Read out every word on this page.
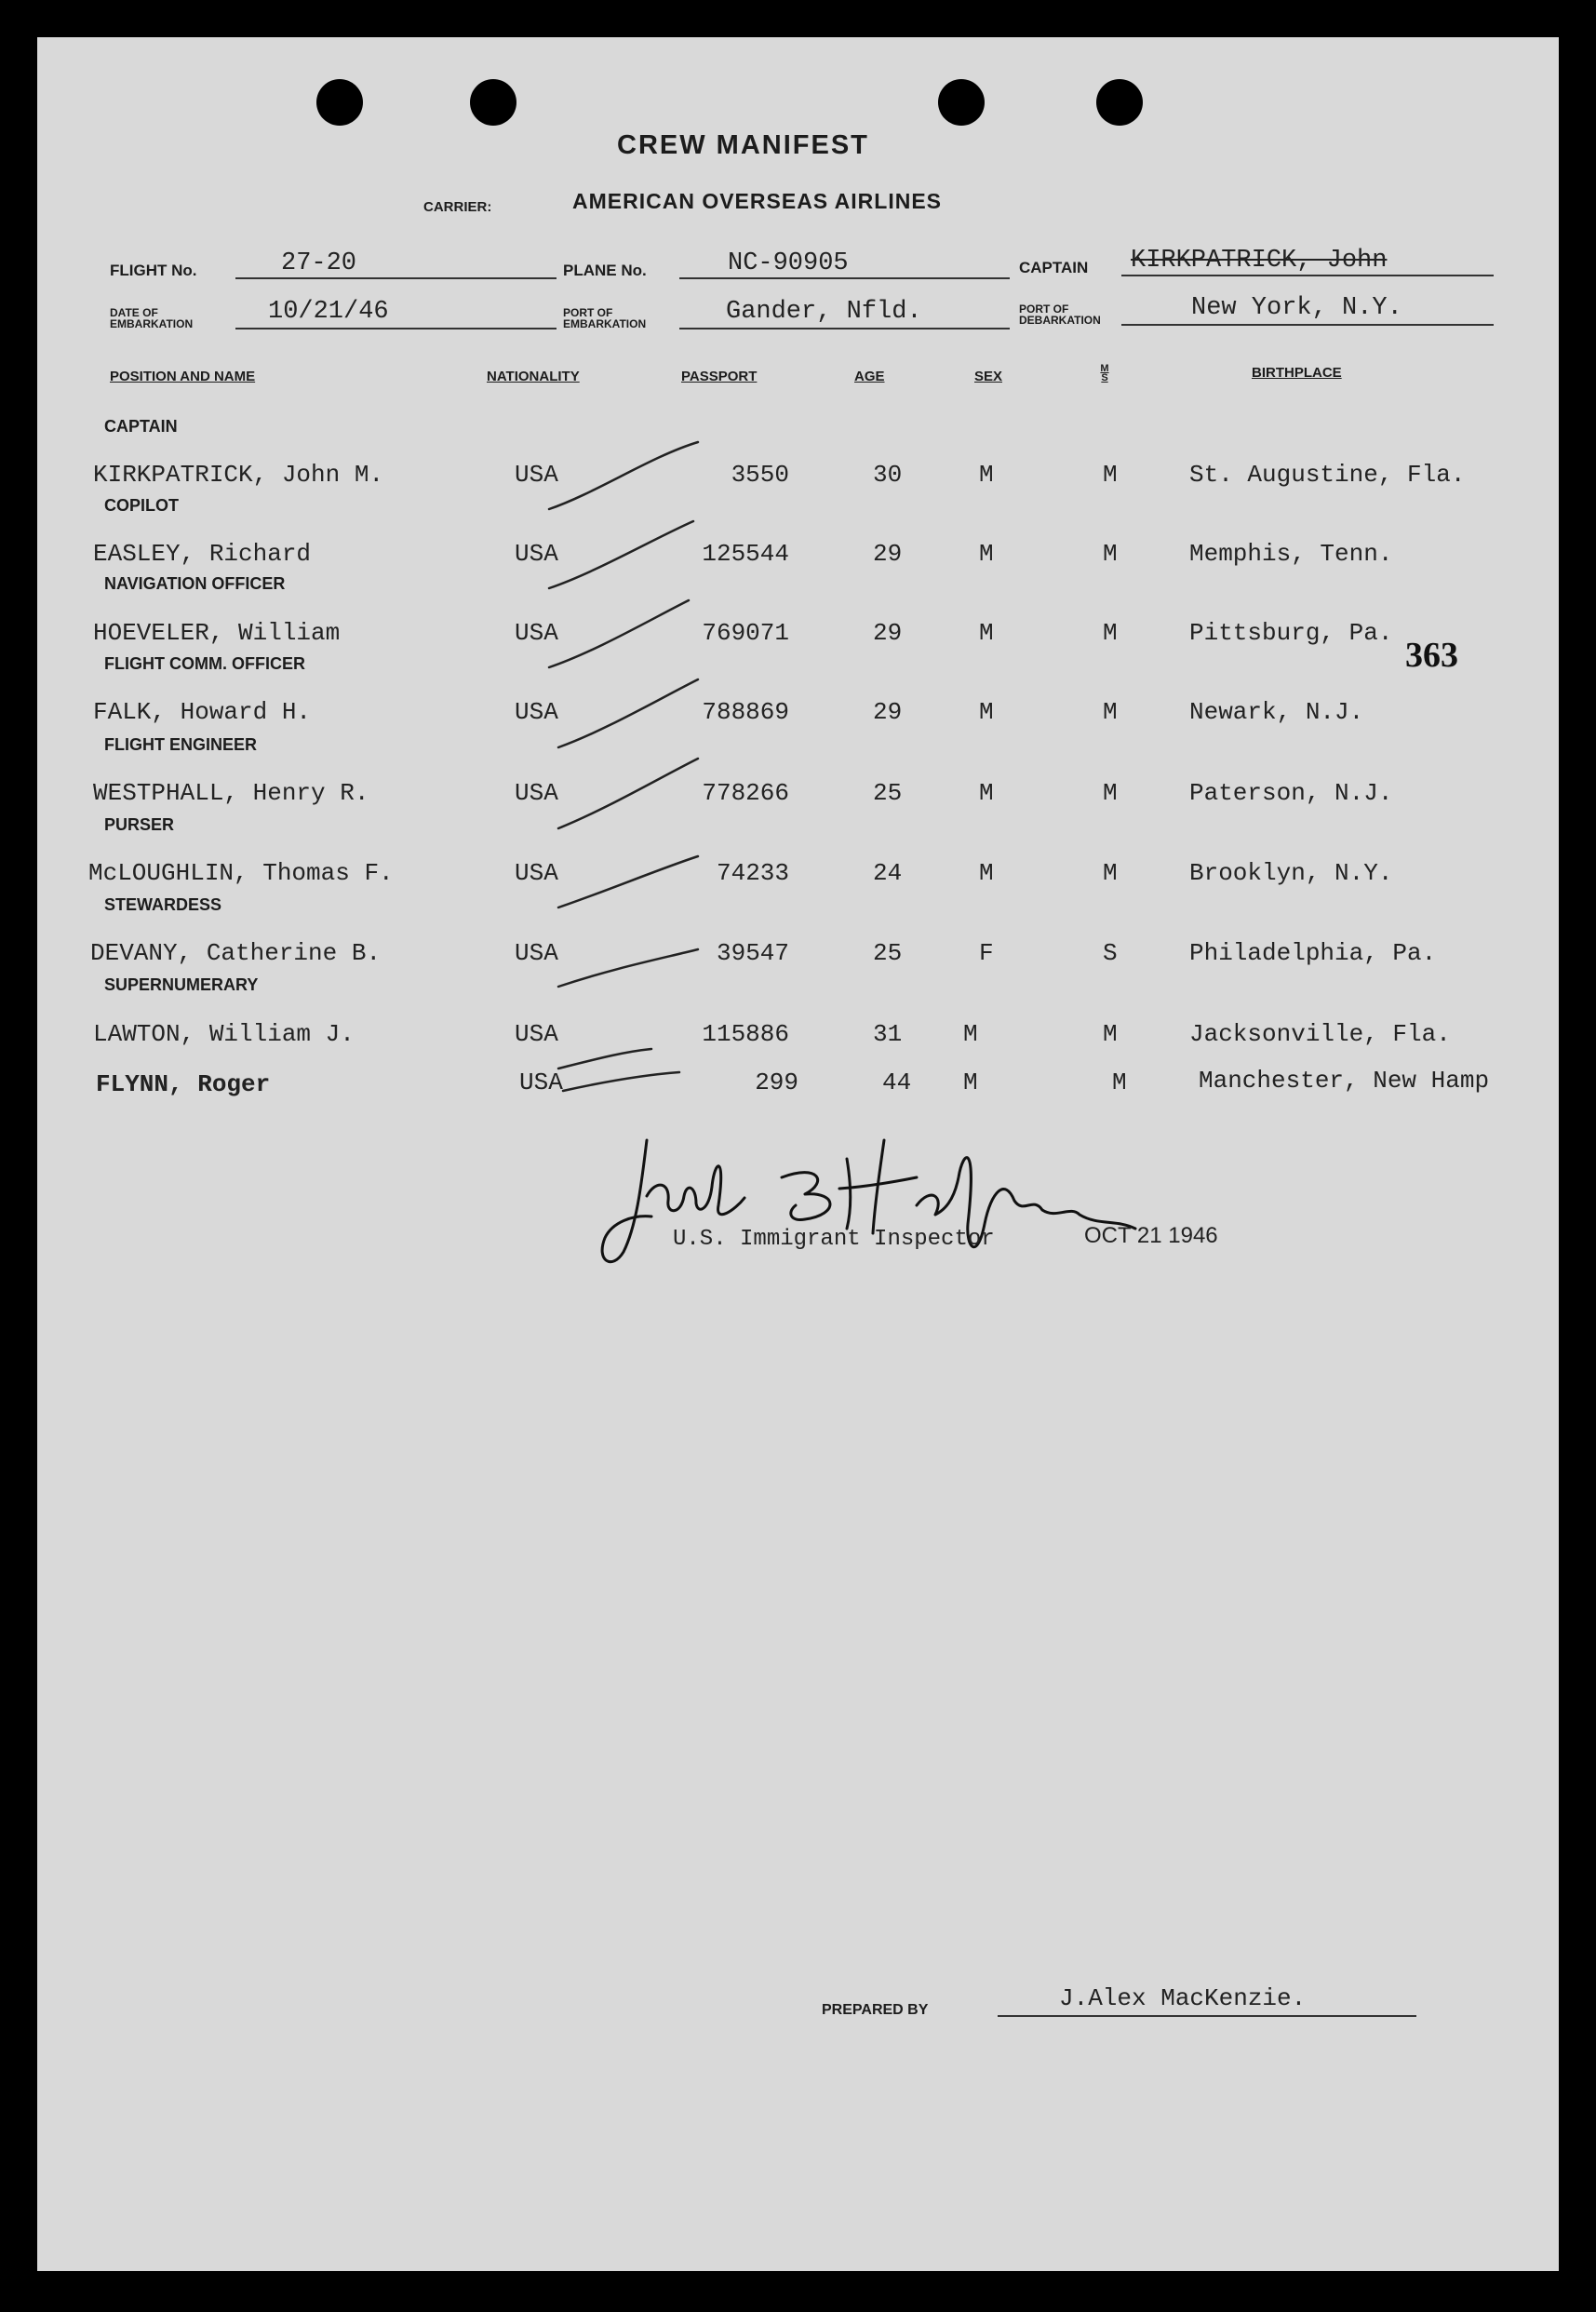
CREW MANIFEST
CARRIER:	AMERICAN OVERSEAS AIRLINES
FLIGHT No.	27-20	PLANE No.	NC-90905	CAPTAIN KIRKPATRICK, John
DATE OF
EMBARKATION	10/21/46	PORT OF
EMBARKATION	Gander, Nfld.	PORT OF
DEBARKATION	New York, N.Y.
POSITION AND NAME	NATIONALITY	PASSPORT	AGE	SEX	M S	BIRTHPLACE
CAPTAIN
KIRKPATRICK, John M.	USA	3550	30	M	M	St. Augustine, Fla.
COPILOT
EASLEY, Richard	USA	125544	29	M	M	Memphis, Tenn.
NAVIGATION OFFICER
HOEVELER, William	USA	769071	29	M	M	Pittsburg, Pa.
FLIGHT COMM. OFFICER
FALK, Howard H.	USA	788869	29	M	M	Newark, N.J.
FLIGHT ENGINEER
WESTPHALL, Henry R.	USA	778266	25	M	M	Paterson, N.J.
PURSER
McLOUGHLIN, Thomas F.	USA	74233	24	M	M	Brooklyn, N.Y.
STEWARDESS
DEVANY, Catherine B.	USA	39547	25	F	S	Philadelphia, Pa.
SUPERNUMERARY
LAWTON, William J.	USA	115886	31	M	M	Jacksonville, Fla.
FLYNN, Roger	USA	299	44 M	M	Manchester, New Hamp
363
U.S. Immigrant Inspector	OCT 21 1946
PREPARED BY	J.Alex MacKenzie.
